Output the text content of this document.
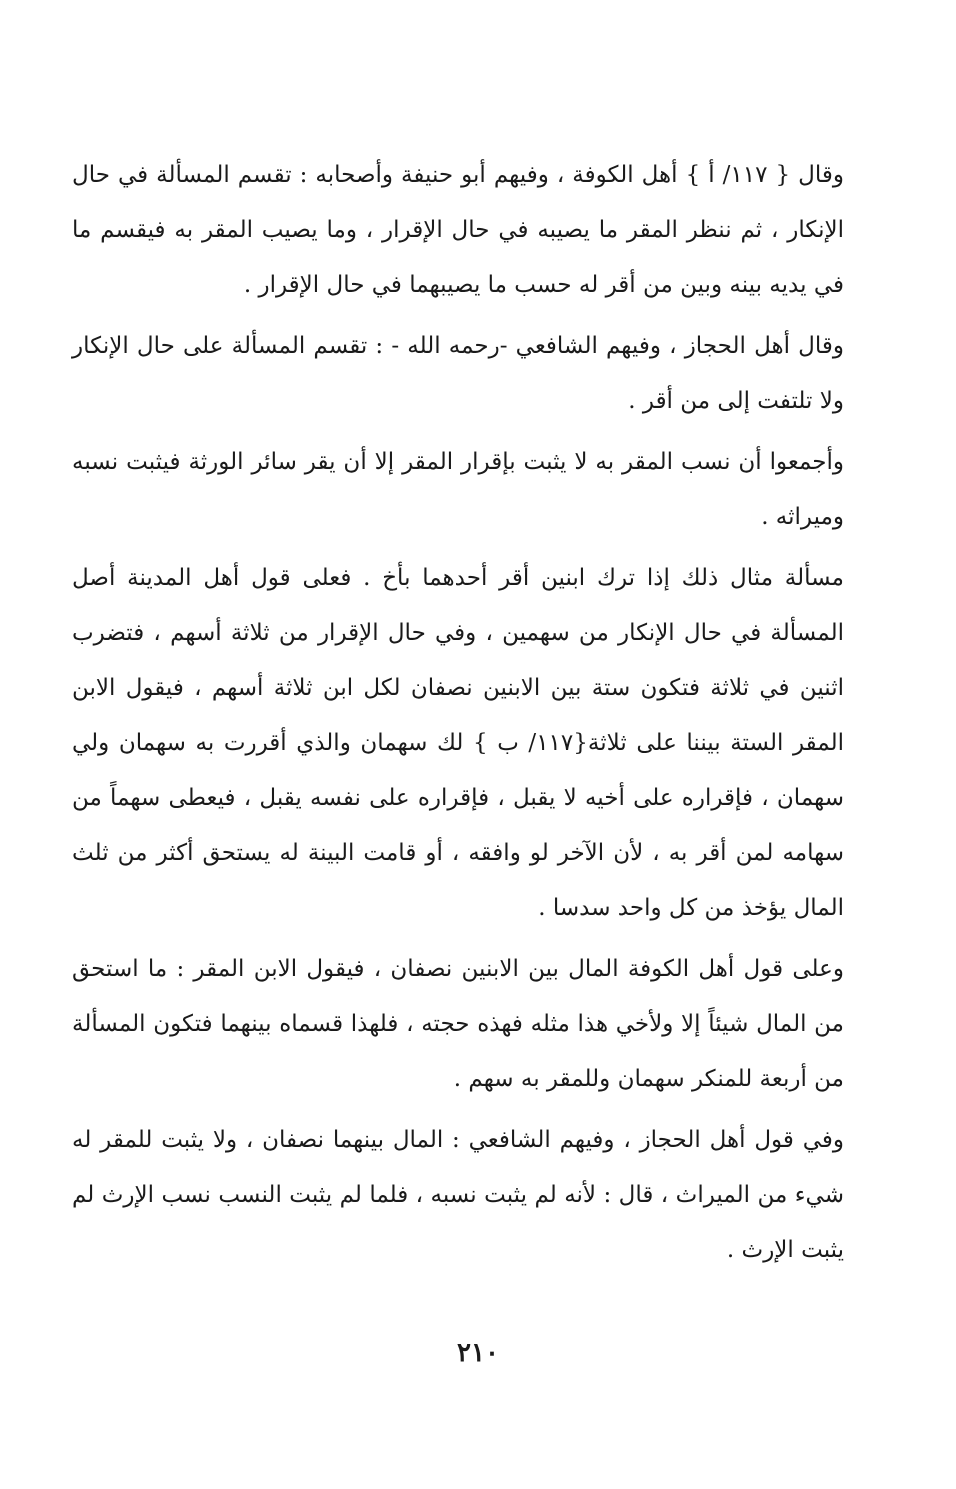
وقال { ١١٧/ أ } أهل الكوفة ، وفيهم أبو حنيفة وأصحابه : تقسم المسألة في حال الإنكار ، ثم ننظر المقر ما يصيبه في حال الإقرار ، وما يصيب المقر به فيقسم ما في يديه بينه وبين من أقر له حسب ما يصيبهما في حال الإقرار .

وقال أهل الحجاز ، وفيهم الشافعي -رحمه الله - : تقسم المسألة على حال الإنكار ولا تلتفت إلى من أقر .

وأجمعوا أن نسب المقر به لا يثبت بإقرار المقر إلا أن يقر سائر الورثة فيثبت نسبه وميراثه .

مسألة مثال ذلك إذا ترك ابنين أقر أحدهما بأخ . فعلى قول أهل المدينة أصل المسألة في حال الإنكار من سهمين ، وفي حال الإقرار من ثلاثة أسهم ، فتضرب اثنين في ثلاثة فتكون ستة بين الابنين نصفان لكل ابن ثلاثة أسهم ، فيقول الابن المقر الستة بيننا على ثلاثة{١١٧/ ب } لك سهمان والذي أقررت به سهمان ولي سهمان ، فإقراره على أخيه لا يقبل ، فإقراره على نفسه يقبل ، فيعطى سهماً من سهامه لمن أقر به ، لأن الآخر لو وافقه ، أو قامت البينة له يستحق أكثر من ثلث المال يؤخذ من كل واحد سدسا .

وعلى قول أهل الكوفة المال بين الابنين نصفان ، فيقول الابن المقر : ما استحق من المال شيئاً إلا ولأخي هذا مثله فهذه حجته ، فلهذا قسماه بينهما فتكون المسألة من أربعة للمنكر سهمان وللمقر به سهم .

وفي قول أهل الحجاز ، وفيهم الشافعي : المال بينهما نصفان ، ولا يثبت للمقر له شيء من الميراث ، قال : لأنه لم يثبت نسبه ، فلما لم يثبت النسب نسب الإرث لم يثبت الإرث .

٢١٠
